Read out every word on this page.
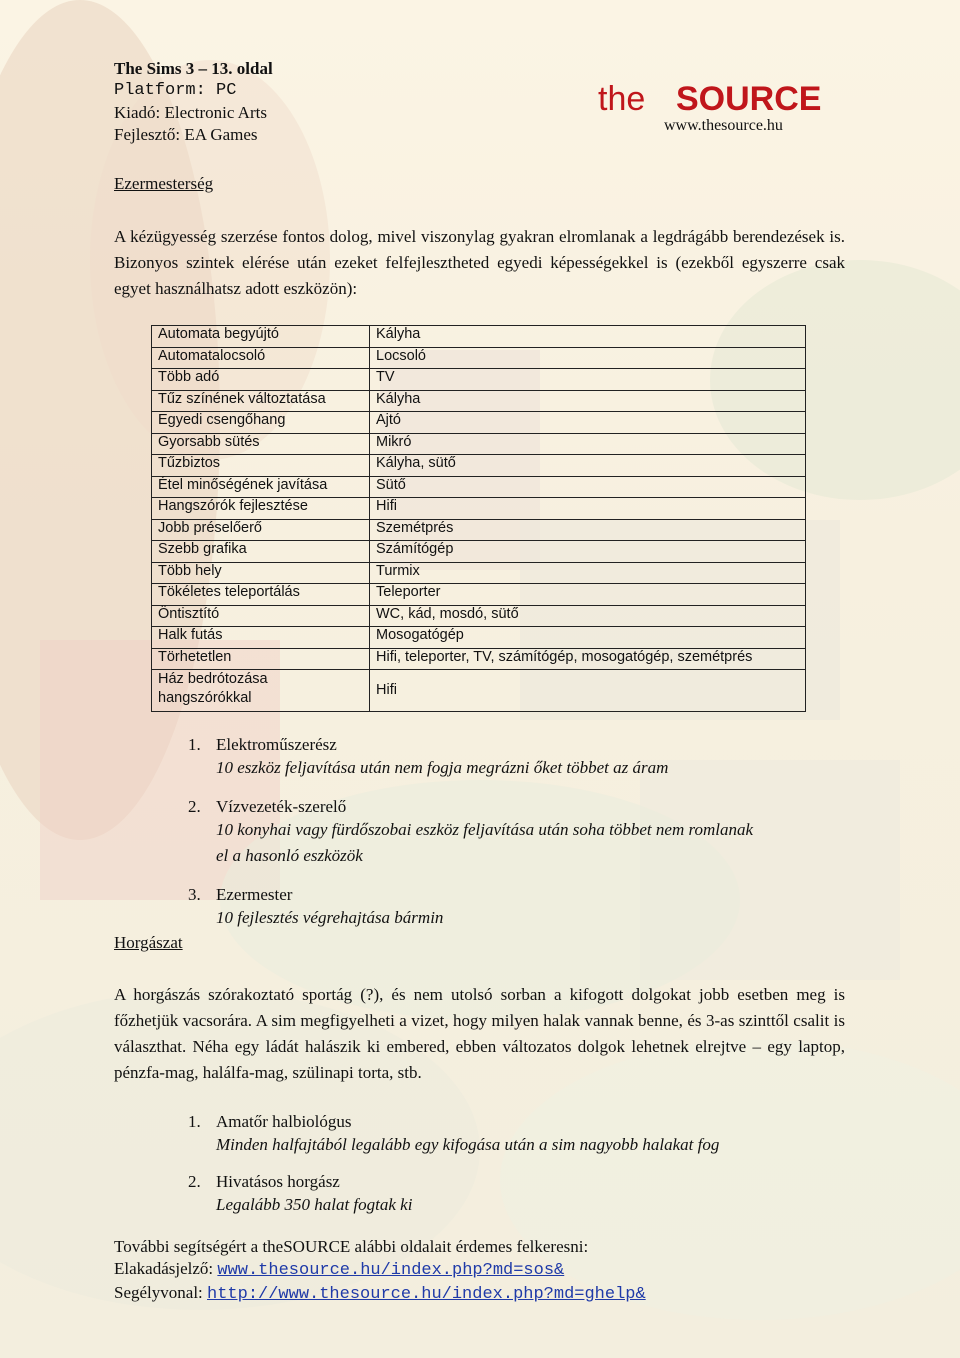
The Sims 3 – 13. oldal
Platform: PC
Kiadó: Electronic Arts
Fejlesztő: EA Games
the SOURCE
www.thesource.hu
Ezermesterség
A kézügyesség szerzése fontos dolog, mivel viszonylag gyakran elromlanak a legdrágább berendezések is. Bizonyos szintek elérése után ezeket felfejlesztheted egyedi képességekkel is (ezekből egyszerre csak egyet használhatsz adott eszközön):
Automata begyújtó	Kályha
Automatalocsoló	Locsoló
Több adó	TV
Tűz színének változtatása	Kályha
Egyedi csengőhang	Ajtó
Gyorsabb sütés	Mikró
Tűzbiztos	Kályha, sütő
Étel minőségének javítása	Sütő
Hangszórók fejlesztése	Hifi
Jobb préselőerő	Szemétprés
Szebb grafika	Számítógép
Több hely	Turmix
Tökéletes teleportálás	Teleporter
Öntisztító	WC, kád, mosdó, sütő
Halk futás	Mosogatógép
Törhetetlen	Hifi, teleporter, TV, számítógép, mosogatógép, szemétprés
Ház bedrótozása hangszórókkal	Hifi
1. Elektroműszerész
10 eszköz feljavítása után nem fogja megrázni őket többet az áram
2. Vízvezeték-szerelő
10 konyhai vagy fürdőszobai eszköz feljavítása után soha többet nem romlanak el a hasonló eszközök
3. Ezermester
10 fejlesztés végrehajtása bármin
Horgászat
A horgászás szórakoztató sportág (?), és nem utolsó sorban a kifogott dolgokat jobb esetben meg is főzhetjük vacsorára. A sim megfigyelheti a vizet, hogy milyen halak vannak benne, és 3-as szinttől csalit is választhat. Néha egy ládát halászik ki embered, ebben változatos dolgok lehetnek elrejtve – egy laptop, pénzfa-mag, halálfa-mag, szülinapi torta, stb.
1. Amatőr halbiológus
Minden halfajtából legalább egy kifogása után a sim nagyobb halakat fog
2. Hivatásos horgász
Legalább 350 halat fogtak ki
További segítségért a theSOURCE alábbi oldalait érdemes felkeresni:
Elakadásjelző: www.thesource.hu/index.php?md=sos&
Segélyvonal: http://www.thesource.hu/index.php?md=ghelp&
